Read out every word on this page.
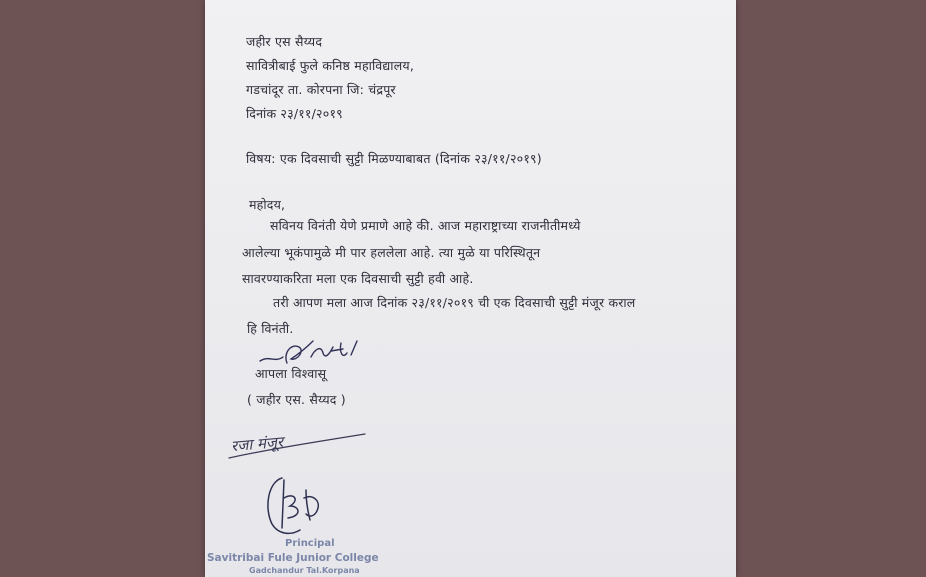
जहीर एस सैय्यद
सावित्रीबाई फुले कनिष्ठ महाविद्यालय,
गडचांदूर ता. कोरपना जि: चंद्रपूर
दिनांक २३/११/२०१९
विषय: एक दिवसाची सुट्टी मिळण्याबाबत (दिनांक २३/११/२०१९)
महोदय,
सविनय विनंती येणे प्रमाणे आहे की. आज महाराष्ट्राच्या राजनीतीमध्ये
आलेल्या भूकंपामुळे मी पार हललेला आहे. त्या मुळे या परिस्थितून
सावरण्याकरिता मला एक दिवसाची सुट्टी हवी आहे.
तरी आपण मला आज दिनांक २३/११/२०१९ ची एक दिवसाची सुट्टी मंजूर कराल
हि विनंती.
आपला विश्वासू
( जहीर एस. सैय्यद )
रजा मंजूर
Principal
Savitribai Fule Junior College
Gadchandur Tal.Korpana
